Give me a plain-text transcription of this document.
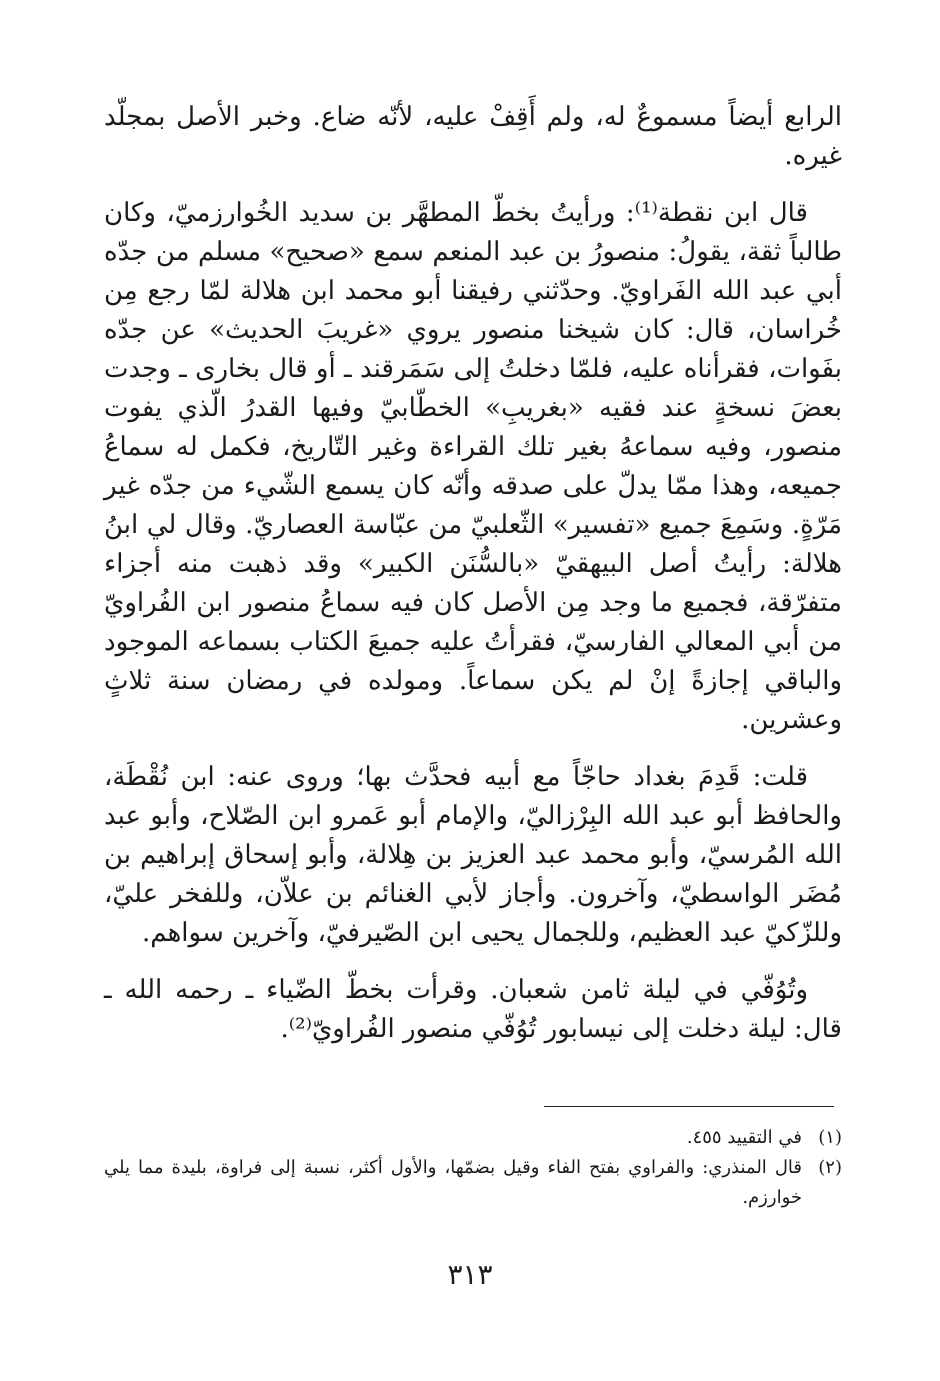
الرابع أيضاً مسموعٌ له، ولم أَقِفْ عليه، لأنّه ضاع. وخبر الأصل بمجلّد غيره.

قال ابن نقطة⁽¹⁾: ورأيتُ بخطّ المطهَّر بن سديد الخُوارزميّ، وكان طالباً ثقة، يقولُ: منصورُ بن عبد المنعم سمع «صحيح» مسلم من جدّه أبي عبد الله الفَراويّ. وحدّثني رفيقنا أبو محمد ابن هلالة لمّا رجع مِن خُراسان، قال: كان شيخنا منصور يروي «غريبَ الحديث» عن جدّه بفَوات، فقرأناه عليه، فلمّا دخلتُ إلى سَمَرقند ـ أو قال بخارى ـ وجدت بعضَ نسخةٍ عند فقيه «بغريبِ» الخطّابيّ وفيها القدرُ الّذي يفوت منصور، وفيه سماعهُ بغير تلك القراءة وغير التّاريخ، فكمل له سماعُ جميعه، وهذا ممّا يدلّ على صدقه وأنّه كان يسمع الشّيء من جدّه غير مَرّةٍ. وسَمِعَ جميع «تفسير» الثّعلبيّ من عبّاسة العصاريّ. وقال لي ابنُ هلالة: رأيتُ أصل البيهقيّ «بالسُّنَن الكبير» وقد ذهبت منه أجزاء متفرّقة، فجميع ما وجد مِن الأصل كان فيه سماعُ منصور ابن الفُراويّ من أبي المعالي الفارسيّ، فقرأتُ عليه جميعَ الكتاب بسماعه الموجود والباقي إجازةً إنْ لم يكن سماعاً. ومولده في رمضان سنة ثلاثٍ وعشرين.

قلت: قَدِمَ بغداد حاجّاً مع أبيه فحدَّث بها؛ وروى عنه: ابن نُقْطَة، والحافظ أبو عبد الله البِرْزاليّ، والإمام أبو عَمرو ابن الصّلاح، وأبو عبد الله المُرسيّ، وأبو محمد عبد العزيز بن هِلالة، وأبو إسحاق إبراهيم بن مُضَر الواسطيّ، وآخرون. وأجاز لأبي الغنائم بن علاّن، وللفخر عليّ، وللزّكيّ عبد العظيم، وللجمال يحيى ابن الصّيرفيّ، وآخرين سواهم.

وتُوُفّي في ليلة ثامن شعبان. وقرأت بخطّ الضّياء ـ رحمه الله ـ قال: ليلة دخلت إلى نيسابور تُوُفّي منصور الفُراويّ⁽²⁾.

(١)
في التقييد ٤٥٥.
(٢)
قال المنذري: والفراوي بفتح الفاء وقيل بضمّها، والأول أكثر، نسبة إلى فراوة، بليدة مما يلي خوارزم.
٣١٣
